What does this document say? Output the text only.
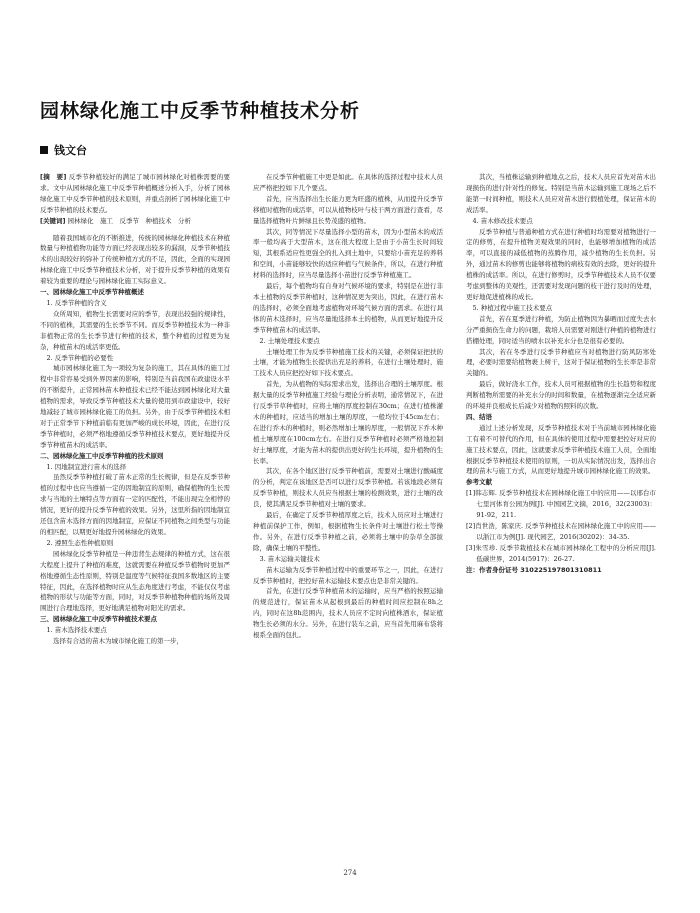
园林绿化施工中反季节种植技术分析
钱文台

[摘　要] 反季节种植较好的满足了城市园林绿化对植株需要的要求。文中从园林绿化施工中反季节种植概述分析入手，分析了园林绿化施工中反季节种植的技术原则，并重点剖析了园林绿化施工中反季节种植的技术要点。

[关键词] 园林绿化　施工　反季节　种植技术　分析

随着我国城市化的不断推进，传统的园林绿化种植技术在种植数量与种植植物功能等方面已经表现出较多的漏洞，反季节种植技术的出现较好的弥补了传统种植方式的不足，因此，全面的实现园林绿化施工中反季节种植技术分析，对于提升反季节种植的效果有着较为重要的理论与园林绿化施工实际意义。

一、园林绿化施工中反季节种植概述

1. 反季节种植的含义

众所周知，植物生长需要对应的季节，表现出较强的规律性，不同的植株，其需要的生长季节不同。而反季节种植技术为一种非非植物正常的生长季节进行种植的技术，整个种植的过程更为复杂，种植苗木的成活率更低。

2. 反季节种植的必要性

城市园林绿化施工为一项较为复杂的施工，其在具体的施工过程中非常容易受到外界因素的影响，特别是当前我国在政建设水平的不断提升，正常园林苗木种植技术已经不能达到园林绿化对大量植物的需求，导致反季节种植技术大量的使用到市政建设中，较好地减轻了城市园林绿化施工的负担。另外，由于反季节种植技术相对于正常季节下种植前临有更加严峻的成长环境，因此，在进行反季节种植时，必须严格地遵循反季节种植技术要点，更好地提升反季节种植苗木的成活率。

二、园林绿化施工中反季节种植的技术原则

1. 因地制宜进行苗木的选择

虽然反季节种植打破了苗木正常的生长规律，但是在反季节种植的过程中也应当遵循一定的因地制宜的原则，确保植物的生长需求与当地的土壤特点等方面有一定的匹配性，不能出现完全相悖的情况，更好的提升反季节种植的效果。另外，这里所指的因地制宜还包含苗木选择方面的因地制宜，应保证不同植物之间类型与功能的相匹配，以期更好地提升园林绿化的效果。

2. 遵照生态性种植原则

园林绿化反季节种植是一种违背生态规律的种植方式，这在很大程度上提升了种植的难度，这就需要在种植反季节植物时更加严格地遵循生态性原则，特别是温度等气候特征我国多数地区的主要特征，因此，在选择植物时应从生态角度进行考虑，不能仅仅考虑植物的形状与功能等方面，同时，对反季节种植物种植的场所及周围进行合理地选择，更好地满足植物对阳光的需求。

三、园林绿化施工中反季节种植技术要点

1. 苗木选择技术要点

选择有合适的苗木为城市绿化施工的第一步，

在反季节种植施工中更是如此。在具体的选择过程中技术人员应严格把控如下几个要点。

首先，应当选择出生长能力更为旺盛的植株，从而提升反季节移植时植物的成活率，可以从植物枝叶与枝干两方面进行查看，尽量选择植物叶片鲜绿且长势茂盛的植物。

其次，同等情况下尽量选择小型的苗木，因为小型苗木的成活率一般均高于大型苗木，这在很大程度上是由于小苗生长时间较短，其根系适应性更强全的扎入到土地中，只要给小苗充足的养料和空间，小苗能够较快的适应种植与气候条件，所以，在进行种植材料的选择时，应当尽量选择小苗进行反季节种植施工。

最后，每个植物均有自身对气候环境的要求，特别是在进行非本土植物的反季节种植时，这种情况更为突出，因此，在进行苗木的选择时，必须全面地考虑植物对环境气候方面的需求。在进行具体的苗木选择时，应当尽量地选择本土的植物，从而更好地提升反季节种植苗木的成活率。

2. 土壤处理技术要点

土壤处理工作为反季节种植施工技术的关键，必须保证把扶的土壤，才能为植物生长提供出充足的养料，在进行土壤处理时，施工技术人员应把控好如下技术要点。

首先，为从植物的实际需求出发，选择出合理的土壤厚度。根据大量的反季节种植施工经验与理论分析表明，通常情况下，在进行反季节草种植时，应将土壤的厚度控制在30cm；在进行植株灌木的种植时，应适当的增加土壤的厚度，一般均位于45cm左右；在进行乔木的种植时，则必然增加土壤的厚度，一般情况下乔木种植土壤厚度在100cm左右。在进行反季节种植时必须严格地控制好土壤厚度，才能为苗木的提供出更好的生长环境，提升植物的生长率。

其次，在各个地区进行反季节种植前，需要对土壤进行酸碱度的分析，判定在该地区是否可以进行反季节种植。若该地段必须有反季节种植，则技术人员应当根据土壤的检测效果，进行土壤的改良，使其满足反季节种植对土壤的要求。

最后，在确定了反季节种植厚度之后，技术人员应对土壤进行种植前保护工作，例如，根据植物生长条件对土壤进行松土等操作。另外，在进行反季节种植之前，必须将土壤中的杂草全部拔除，确保土壤的平整性。

3. 苗木运输关键技术

苗木运输为反季节种植过程中的重要环节之一，因此，在进行反季节种植时，把控好苗木运输技术要点也是非常关键的。

首先，在进行反季节种植苗木的运输时，应当严格的按照运输的规范进行，保证苗木从起根到最后的种植时间应控制在8h之内，同时在这8h范围内，技术人员应不定时向植株洒水，保证植物生长必须的水分。另外，在进行装车之前，应当首先用麻布袋将根系全面的包扎。

其次，当植株运输到种植地点之后，技术人员应首先对苗木出现损伤的进行针对性的修复。特别是当苗木运输到施工现场之后不能第一时间种植，则技术人员应对苗木进行假植处理，保证苗木的成活率。

4. 苗木修改技术要点

反季节种植与普通种植方式在进行种植时均需要对植物进行一定的修剪，在提升植物美观效果的同时，也能够增加植物的成活率，可以直接的减低植物的蒸腾作用，减少植物的生长负担。另外，通过苗木的修剪也能够将植物的病枝有效的去除，更好的提升植株的成活率。所以，在进行修剪时，反季节种植技术人员不仅要考虑到整体的美观性，还需要对发现问题的枝干进行及时的处理，更好地促进植株的成长。

5. 种植过程中施工技术要点

首先，若在夏季进行种植，为防止植物因为暴晒而过度失去水分严重损伤生命力的问题，栽培人员需要对刚进行种植的植物进行搭棚处理，同时适当的喷水以补充水分也是很有必要的。

其次，若在冬季进行反季节种植应当对植物进行防风防寒处理，必要时需要给植物裹上树干，这对于保证植物的生长率是非常关键的。

最后，做好浇水工作，技术人员可根据植物的生长趋势和程度判断植物所需要的补充水分的时间和数量，在植物逐渐完全适应新的环境并良根成长后减少对植物的照料的次数。

四、结语

通过上述分析发现，反季节种植技术对于当前城市园林绿化施工有着不可替代的作用，但在具体的使用过程中需要把控好对应的施工技术要点，因此，这就要求反季节种植技术施工人员，全面地根据反季节种植技术使用的原则，一切从实际情况出发，选择出合理的苗木与施工方式，从而更好地提升城市园林绿化施工的效果。

参考文献

[1]韩志辉. 反季节种植技术在园林绿化施工中的应用——以邢台市七里河体育公园为例[J]. 中国园艺文摘，2016，32(23003)：91-92，211.

[2]肖世浩，陈家庆. 反季节种植技术在园林绿化施工中的应用——以浙江市为例[J]. 现代园艺，2016(30202)：34-35.

[3]朱雪珍. 反季节栽植技术在城市园林绿化工程中的分析应用[J]. 低碳世界，2014(5917)：26-27.

注：作者身份证号 310225197801310811

274
